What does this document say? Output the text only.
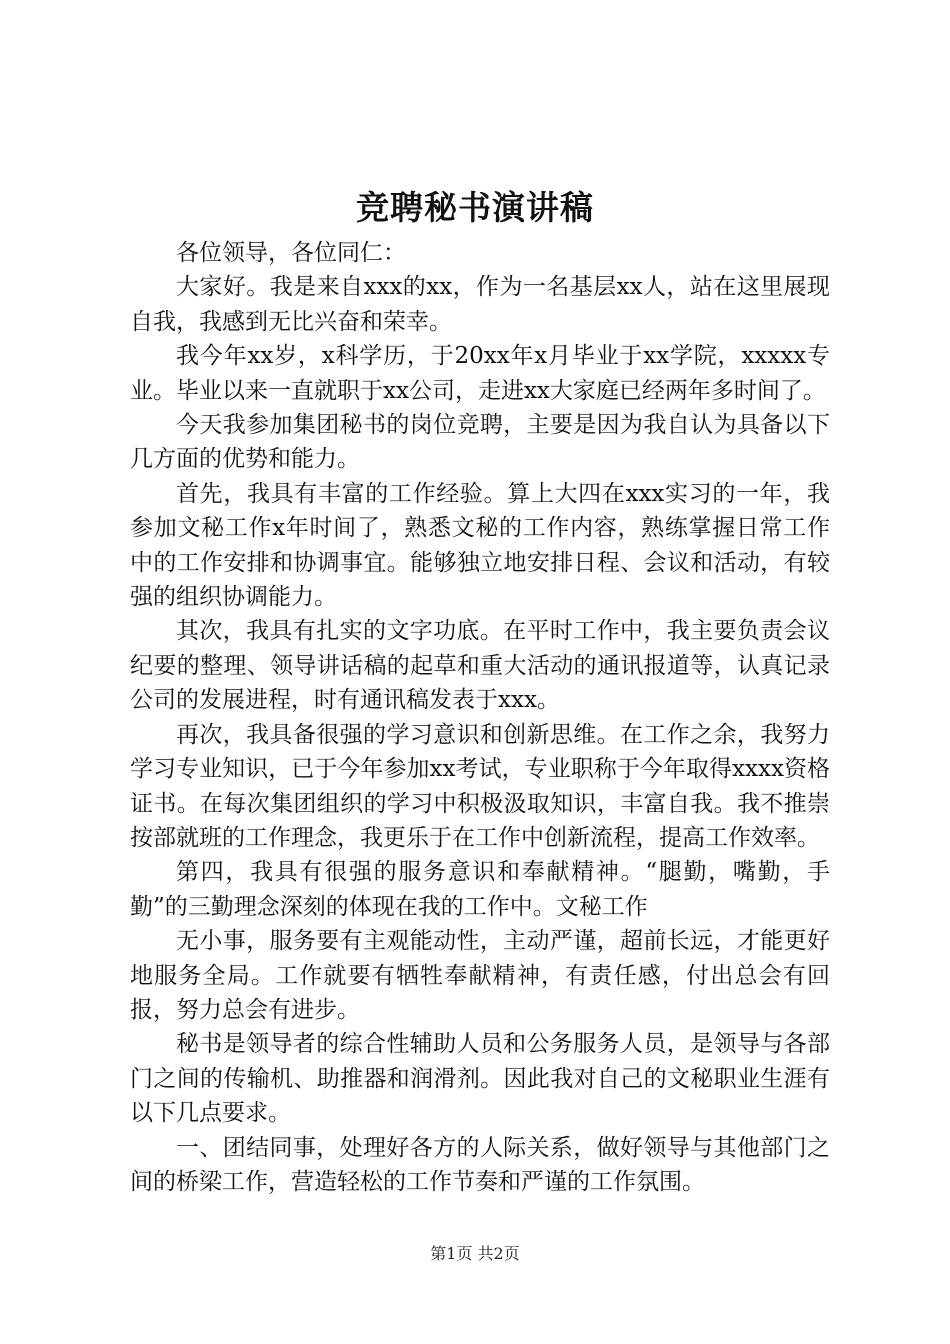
竞聘秘书演讲稿

各位领导，各位同仁：

大家好。我是来自xxx的xx，作为一名基层xx人，站在这里展现自我，我感到无比兴奋和荣幸。

我今年xx岁，x科学历，于20xx年x月毕业于xx学院，xxxxx专业。毕业以来一直就职于xx公司，走进xx大家庭已经两年多时间了。

今天我参加集团秘书的岗位竞聘，主要是因为我自认为具备以下几方面的优势和能力。

首先，我具有丰富的工作经验。算上大四在xxx实习的一年，我参加文秘工作x年时间了，熟悉文秘的工作内容，熟练掌握日常工作中的工作安排和协调事宜。能够独立地安排日程、会议和活动，有较强的组织协调能力。

其次，我具有扎实的文字功底。在平时工作中，我主要负责会议纪要的整理、领导讲话稿的起草和重大活动的通讯报道等，认真记录公司的发展进程，时有通讯稿发表于xxx。

再次，我具备很强的学习意识和创新思维。在工作之余，我努力学习专业知识，已于今年参加xx考试，专业职称于今年取得xxxx资格证书。在每次集团组织的学习中积极汲取知识，丰富自我。我不推崇按部就班的工作理念，我更乐于在工作中创新流程，提高工作效率。

第四，我具有很强的服务意识和奉献精神。“腿勤，嘴勤，手勤”的三勤理念深刻的体现在我的工作中。文秘工作

无小事，服务要有主观能动性，主动严谨，超前长远，才能更好地服务全局。工作就要有牺牲奉献精神，有责任感，付出总会有回报，努力总会有进步。

秘书是领导者的综合性辅助人员和公务服务人员，是领导与各部门之间的传输机、助推器和润滑剂。因此我对自己的文秘职业生涯有以下几点要求。

一、团结同事，处理好各方的人际关系，做好领导与其他部门之间的桥梁工作，营造轻松的工作节奏和严谨的工作氛围。

第1页 共2页
